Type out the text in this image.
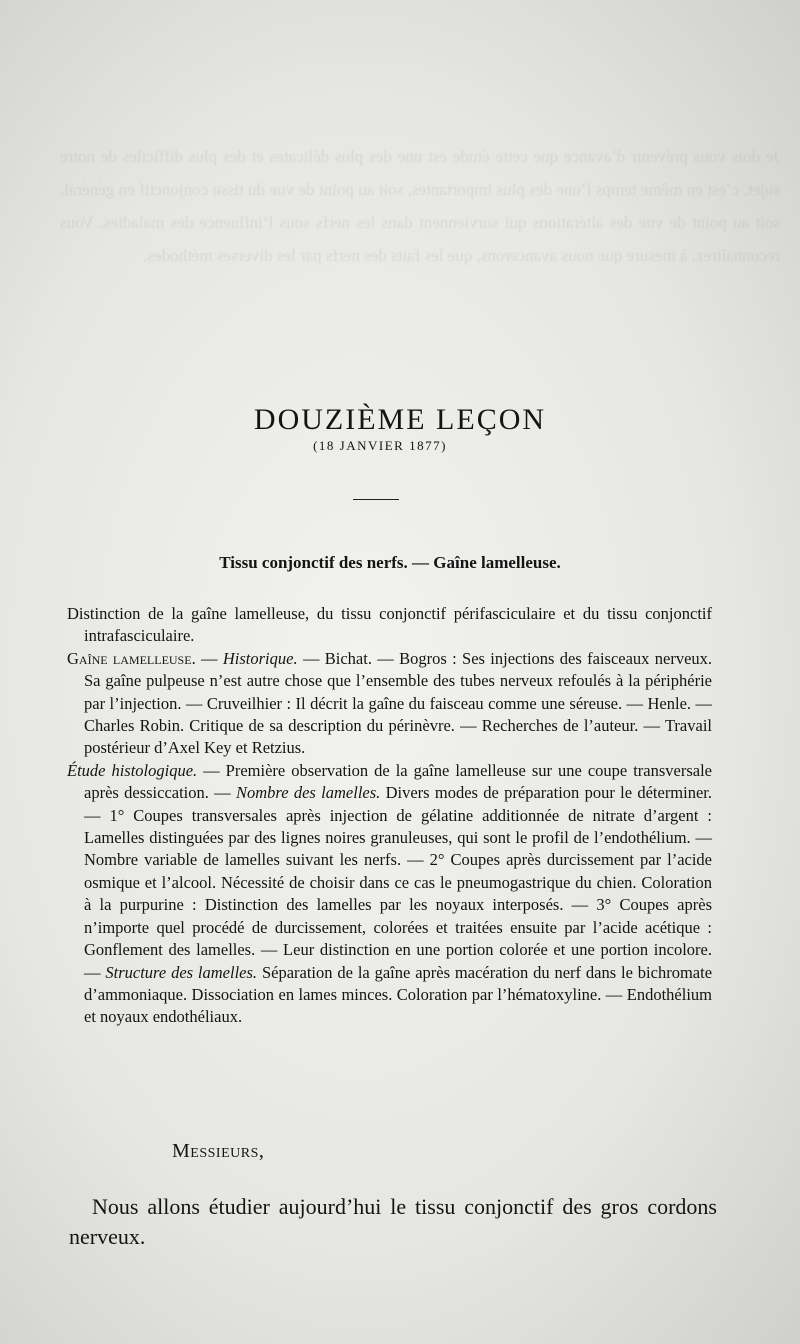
Je dois vous prévenir d’avance que cette étude est une des plus délicates et des plus difficiles de notre sujet, c’est en même temps l’une des plus importantes, soit au point de vue du tissu conjonctif en général, soit au point de vue des altérations qui surviennent dans les nerfs sous l’influence des maladies. Vous reconnaîtrez, à mesure que nous avancerons, que les faits des nerfs par les diverses méthodes.
DOUZIÈME LEÇON
(18 JANVIER 1877)
Tissu conjonctif des nerfs. — Gaîne lamelleuse.

Distinction de la gaîne lamelleuse, du tissu conjonctif périfasciculaire et du tissu conjonctif intrafasciculaire.

Gaîne lamelleuse. — Historique. — Bichat. — Bogros : Ses injections des faisceaux nerveux. Sa gaîne pulpeuse n’est autre chose que l’ensemble des tubes nerveux refoulés à la périphérie par l’injection. — Cruveilhier : Il décrit la gaîne du faisceau comme une séreuse. — Henle. — Charles Robin. Critique de sa description du périnèvre. — Recherches de l’auteur. — Travail postérieur d’Axel Key et Retzius.

Étude histologique. — Première observation de la gaîne lamelleuse sur une coupe transversale après dessiccation. — Nombre des lamelles. Divers modes de préparation pour le déterminer. — 1° Coupes transversales après injection de gélatine additionnée de nitrate d’argent : Lamelles distinguées par des lignes noires granuleuses, qui sont le profil de l’endothélium. — Nombre variable de lamelles suivant les nerfs. — 2° Coupes après durcissement par l’acide osmique et l’alcool. Nécessité de choisir dans ce cas le pneumogastrique du chien. Coloration à la purpurine : Distinction des lamelles par les noyaux interposés. — 3° Coupes après n’importe quel procédé de durcissement, colorées et traitées ensuite par l’acide acétique : Gonflement des lamelles. — Leur distinction en une portion colorée et une portion incolore. — Structure des lamelles. Séparation de la gaîne après macération du nerf dans le bichromate d’ammoniaque. Dissociation en lames minces. Coloration par l’hématoxyline. — Endothélium et noyaux endothéliaux.

Messieurs,
Nous allons étudier aujourd’hui le tissu conjonctif des gros cordons nerveux.
